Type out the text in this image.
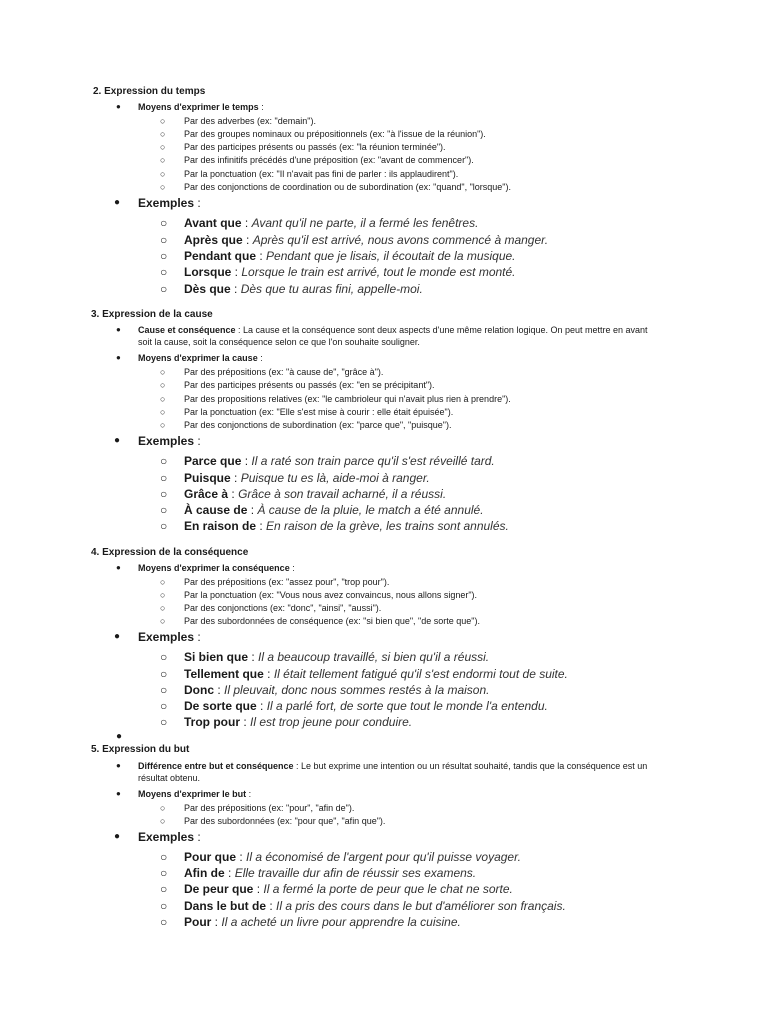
2. Expression du temps
● Moyens d'exprimer le temps :
○ Par des adverbes (ex: "demain").
○ Par des groupes nominaux ou prépositionnels (ex: "à l'issue de la réunion").
○ Par des participes présents ou passés (ex: "la réunion terminée").
○ Par des infinitifs précédés d'une préposition (ex: "avant de commencer").
○ Par la ponctuation (ex: "Il n'avait pas fini de parler : ils applaudirent").
○ Par des conjonctions de coordination ou de subordination (ex: "quand", "lorsque").
● Exemples :
○ Avant que : Avant qu'il ne parte, il a fermé les fenêtres.
○ Après que : Après qu'il est arrivé, nous avons commencé à manger.
○ Pendant que : Pendant que je lisais, il écoutait de la musique.
○ Lorsque : Lorsque le train est arrivé, tout le monde est monté.
○ Dès que : Dès que tu auras fini, appelle-moi.
3. Expression de la cause
● Cause et conséquence : La cause et la conséquence sont deux aspects d'une même relation logique. On peut mettre en avant soit la cause, soit la conséquence selon ce que l'on souhaite souligner.
● Moyens d'exprimer la cause :
○ Par des prépositions (ex: "à cause de", "grâce à").
○ Par des participes présents ou passés (ex: "en se précipitant").
○ Par des propositions relatives (ex: "le cambrioleur qui n'avait plus rien à prendre").
○ Par la ponctuation (ex: "Elle s'est mise à courir : elle était épuisée").
○ Par des conjonctions de subordination (ex: "parce que", "puisque").
● Exemples :
○ Parce que : Il a raté son train parce qu'il s'est réveillé tard.
○ Puisque : Puisque tu es là, aide-moi à ranger.
○ Grâce à : Grâce à son travail acharné, il a réussi.
○ À cause de : À cause de la pluie, le match a été annulé.
○ En raison de : En raison de la grève, les trains sont annulés.
4. Expression de la conséquence
● Moyens d'exprimer la conséquence :
○ Par des prépositions (ex: "assez pour", "trop pour").
○ Par la ponctuation (ex: "Vous nous avez convaincus, nous allons signer").
○ Par des conjonctions (ex: "donc", "ainsi", "aussi").
○ Par des subordonnées de conséquence (ex: "si bien que", "de sorte que").
● Exemples :
○ Si bien que : Il a beaucoup travaillé, si bien qu'il a réussi.
○ Tellement que : Il était tellement fatigué qu'il s'est endormi tout de suite.
○ Donc : Il pleuvait, donc nous sommes restés à la maison.
○ De sorte que : Il a parlé fort, de sorte que tout le monde l'a entendu.
○ Trop pour : Il est trop jeune pour conduire.
●
5. Expression du but
● Différence entre but et conséquence : Le but exprime une intention ou un résultat souhaité, tandis que la conséquence est un résultat obtenu.
● Moyens d'exprimer le but :
○ Par des prépositions (ex: "pour", "afin de").
○ Par des subordonnées (ex: "pour que", "afin que").
● Exemples :
○ Pour que : Il a économisé de l'argent pour qu'il puisse voyager.
○ Afin de : Elle travaille dur afin de réussir ses examens.
○ De peur que : Il a fermé la porte de peur que le chat ne sorte.
○ Dans le but de : Il a pris des cours dans le but d'améliorer son français.
○ Pour : Il a acheté un livre pour apprendre la cuisine.
